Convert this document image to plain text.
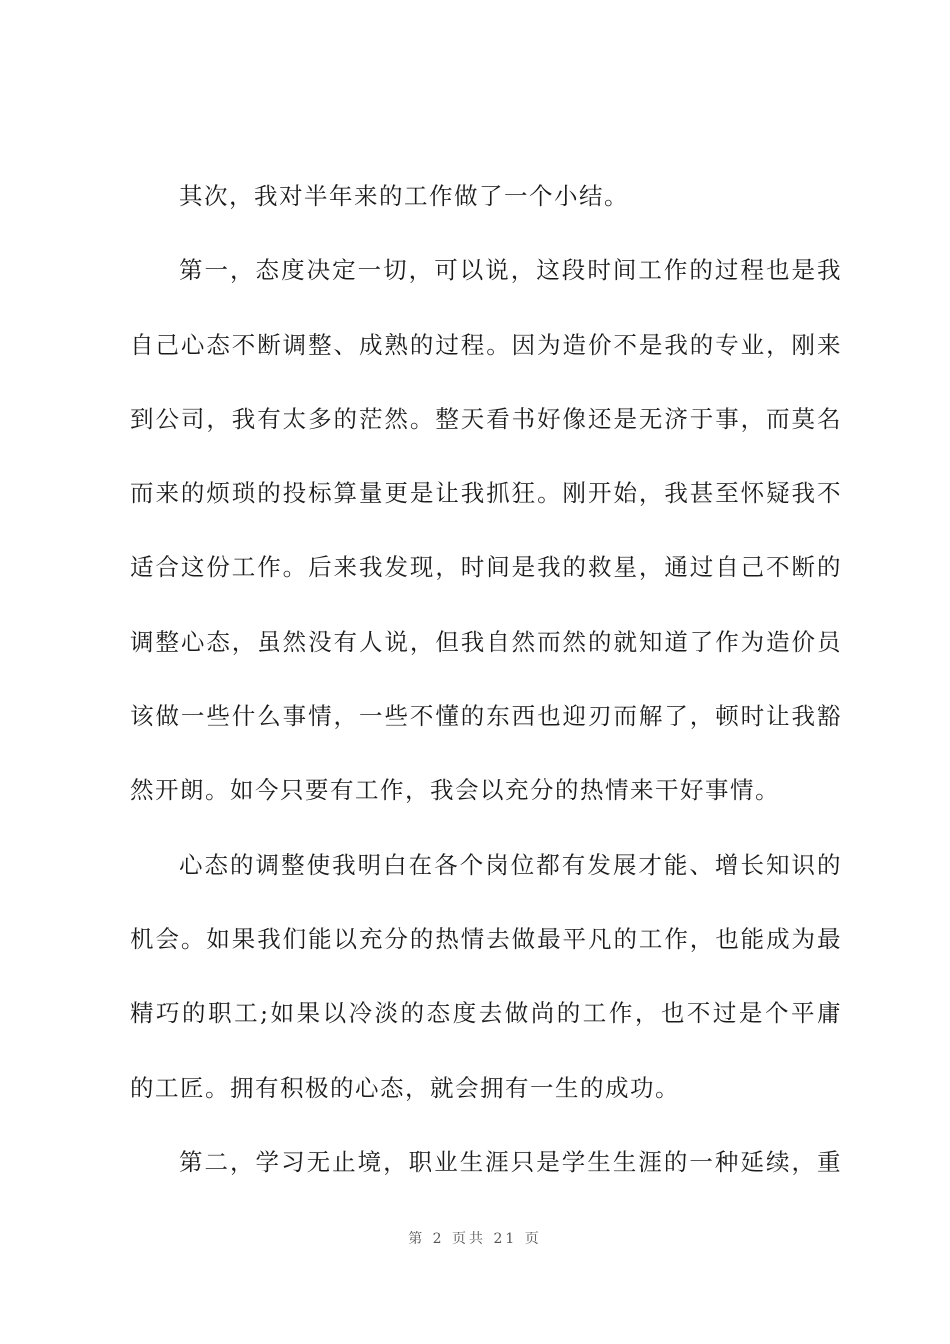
其次，我对半年来的工作做了一个小结。
第一，态度决定一切，可以说，这段时间工作的过程也是我
自己心态不断调整、成熟的过程。因为造价不是我的专业，刚来
到公司，我有太多的茫然。整天看书好像还是无济于事，而莫名
而来的烦琐的投标算量更是让我抓狂。刚开始，我甚至怀疑我不
适合这份工作。后来我发现，时间是我的救星，通过自己不断的
调整心态，虽然没有人说，但我自然而然的就知道了作为造价员
该做一些什么事情，一些不懂的东西也迎刃而解了，顿时让我豁
然开朗。如今只要有工作，我会以充分的热情来干好事情。
心态的调整使我明白在各个岗位都有发展才能、增长知识的
机会。如果我们能以充分的热情去做最平凡的工作，也能成为最
精巧的职工;如果以冷淡的态度去做尚的工作，也不过是个平庸
的工匠。拥有积极的心态，就会拥有一生的成功。
第二，学习无止境，职业生涯只是学生生涯的一种延续，重
第 2 页共 21 页
